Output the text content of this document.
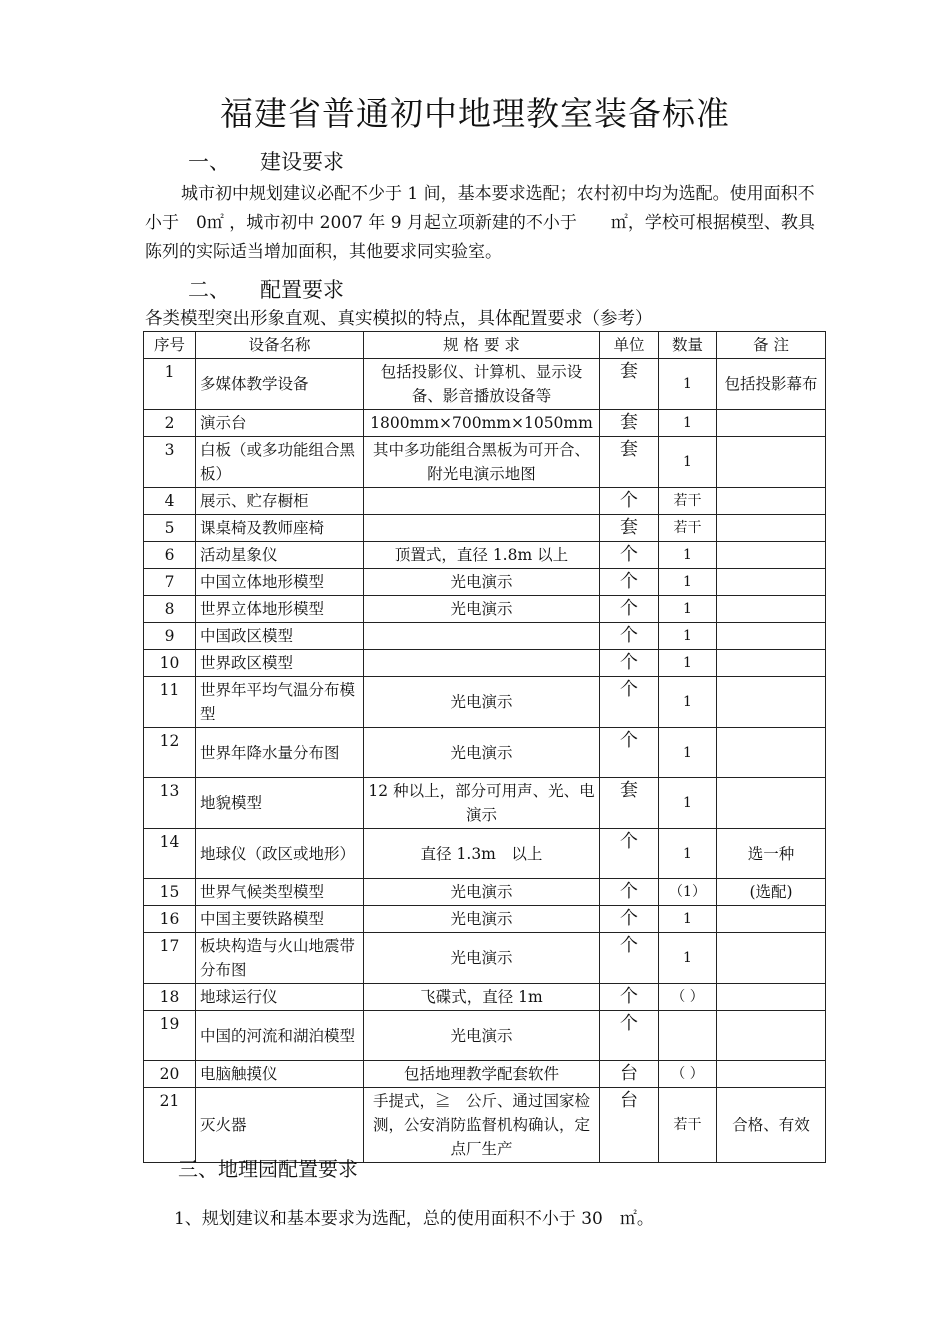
福建省普通初中地理教室装备标准
一、 建设要求
城市初中规划建议必配不少于 1 间，基本要求选配；农村初中均为选配。使用面积不小于　0㎡ ，城市初中 2007 年 9 月起立项新建的不小于　　㎡，学校可根据模型、教具陈列的实际适当增加面积，其他要求同实验室。
二、 配置要求
各类模型突出形象直观、真实模拟的特点，具体配置要求（参考）
序号	设备名称	规 格 要 求	单位	数量	备 注
1	多媒体教学设备	包括投影仪、计算机、显示设备、影音播放设备等	套	1	包括投影幕布
2	演示台	1800mm×700mm×1050mm	套	1	
3	白板（或多功能组合黑板）	其中多功能组合黑板为可开合、附光电演示地图	套	1	
4	展示、贮存橱柜		个	若干	
5	课桌椅及教师座椅		套	若干	
6	活动星象仪	顶置式，直径 1.8m 以上	个	1	
7	中国立体地形模型	光电演示	个	1	
8	世界立体地形模型	光电演示	个	1	
9	中国政区模型		个	1	
10	世界政区模型		个	1	
11	世界年平均气温分布模型	光电演示	个	1	
12	世界年降水量分布图	光电演示	个	1	
13	地貌模型	12 种以上，部分可用声、光、电演示	套	1	
14	地球仪（政区或地形）	直径 1.3m　以上	个	1	选一种
15	世界气候类型模型	光电演示	个	（1）	(选配)
16	中国主要铁路模型	光电演示	个	1	
17	板块构造与火山地震带分布图	光电演示	个	1	
18	地球运行仪	飞碟式，直径 1m	个	（ ）	
19	中国的河流和湖泊模型	光电演示	个		
20	电脑触摸仪	包括地理教学配套软件	台	（ ）	
21	灭火器	手提式，≧　公斤、通过国家检测，公安消防监督机构确认，定点厂生产	台	若干	合格、有效
三、地理园配置要求
1、规划建议和基本要求为选配，总的使用面积不小于 30　㎡。
